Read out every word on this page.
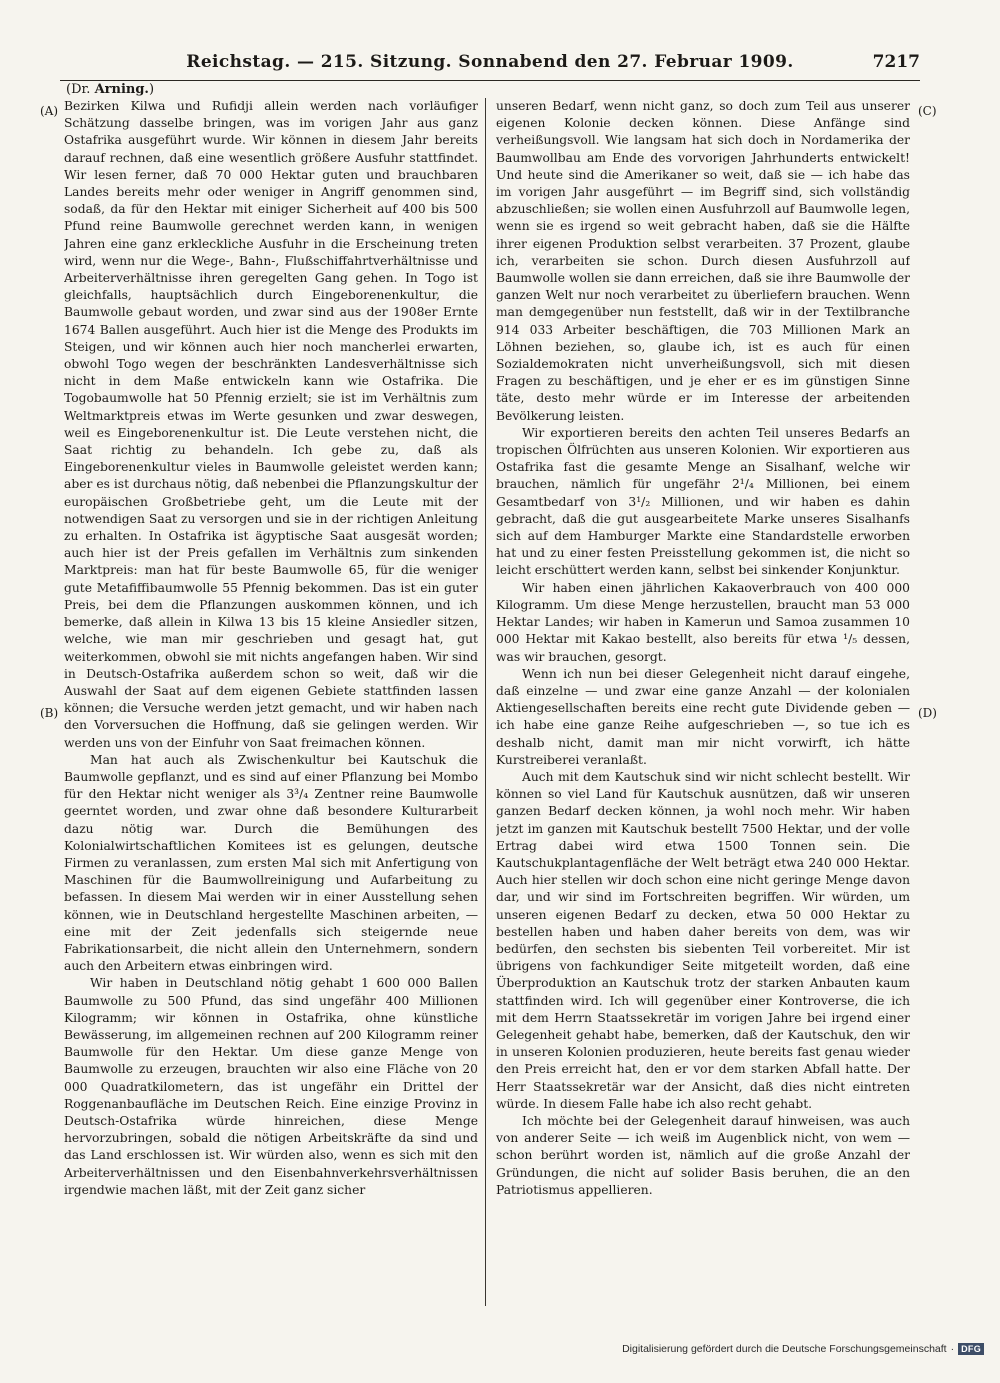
Reichstag. — 215. Sitzung. Sonnabend den 27. Februar 1909.	7217
(Dr. Arning.)
(A)
(B)
(C)
(D)

Bezirken Kilwa und Rufidji allein werden nach vorläufiger Schätzung dasselbe bringen, was im vorigen Jahr aus ganz Ostafrika ausgeführt wurde. Wir können in diesem Jahr bereits darauf rechnen, daß eine wesentlich größere Ausfuhr stattfindet. Wir lesen ferner, daß 70 000 Hektar guten und brauchbaren Landes bereits mehr oder weniger in Angriff genommen sind, sodaß, da für den Hektar mit einiger Sicherheit auf 400 bis 500 Pfund reine Baumwolle gerechnet werden kann, in wenigen Jahren eine ganz erkleckliche Ausfuhr in die Erscheinung treten wird, wenn nur die Wege-, Bahn-, Flußschiffahrtverhältnisse und Arbeiterverhältnisse ihren geregelten Gang gehen. In Togo ist gleichfalls, hauptsächlich durch Eingeborenenkultur, die Baumwolle gebaut worden, und zwar sind aus der 1908er Ernte 1674 Ballen ausgeführt. Auch hier ist die Menge des Produkts im Steigen, und wir können auch hier noch mancherlei erwarten, obwohl Togo wegen der beschränkten Landesverhältnisse sich nicht in dem Maße entwickeln kann wie Ostafrika. Die Togobaumwolle hat 50 Pfennig erzielt; sie ist im Verhältnis zum Weltmarktpreis etwas im Werte gesunken und zwar deswegen, weil es Eingeborenenkultur ist. Die Leute verstehen nicht, die Saat richtig zu behandeln. Ich gebe zu, daß als Eingeborenenkultur vieles in Baumwolle geleistet werden kann; aber es ist durchaus nötig, daß nebenbei die Pflanzungskultur der europäischen Großbetriebe geht, um die Leute mit der notwendigen Saat zu versorgen und sie in der richtigen Anleitung zu erhalten. In Ostafrika ist ägyptische Saat ausgesät worden; auch hier ist der Preis gefallen im Verhältnis zum sinkenden Marktpreis: man hat für beste Baumwolle 65, für die weniger gute Metafiffibaumwolle 55 Pfennig bekommen. Das ist ein guter Preis, bei dem die Pflanzungen auskommen können, und ich bemerke, daß allein in Kilwa 13 bis 15 kleine Ansiedler sitzen, welche, wie man mir geschrieben und gesagt hat, gut weiterkommen, obwohl sie mit nichts angefangen haben. Wir sind in Deutsch-Ostafrika außerdem schon so weit, daß wir die Auswahl der Saat auf dem eigenen Gebiete stattfinden lassen können; die Versuche werden jetzt gemacht, und wir haben nach den Vorversuchen die Hoffnung, daß sie gelingen werden. Wir werden uns von der Einfuhr von Saat freimachen können.

Man hat auch als Zwischenkultur bei Kautschuk die Baumwolle gepflanzt, und es sind auf einer Pflanzung bei Mombo für den Hektar nicht weniger als 3³/₄ Zentner reine Baumwolle geerntet worden, und zwar ohne daß besondere Kulturarbeit dazu nötig war. Durch die Bemühungen des Kolonialwirtschaftlichen Komitees ist es gelungen, deutsche Firmen zu veranlassen, zum ersten Mal sich mit Anfertigung von Maschinen für die Baumwollreinigung und Aufarbeitung zu befassen. In diesem Mai werden wir in einer Ausstellung sehen können, wie in Deutschland hergestellte Maschinen arbeiten, — eine mit der Zeit jedenfalls sich steigernde neue Fabrikationsarbeit, die nicht allein den Unternehmern, sondern auch den Arbeitern etwas einbringen wird.

Wir haben in Deutschland nötig gehabt 1 600 000 Ballen Baumwolle zu 500 Pfund, das sind ungefähr 400 Millionen Kilogramm; wir können in Ostafrika, ohne künstliche Bewässerung, im allgemeinen rechnen auf 200 Kilogramm reiner Baumwolle für den Hektar. Um diese ganze Menge von Baumwolle zu erzeugen, brauchten wir also eine Fläche von 20 000 Quadratkilometern, das ist ungefähr ein Drittel der Roggenanbaufläche im Deutschen Reich. Eine einzige Provinz in Deutsch-Ostafrika würde hinreichen, diese Menge hervorzubringen, sobald die nötigen Arbeitskräfte da sind und das Land erschlossen ist. Wir würden also, wenn es sich mit den Arbeiterverhältnissen und den Eisenbahnverkehrsverhältnissen irgendwie machen läßt, mit der Zeit ganz sicher

unseren Bedarf, wenn nicht ganz, so doch zum Teil aus unserer eigenen Kolonie decken können. Diese Anfänge sind verheißungsvoll. Wie langsam hat sich doch in Nordamerika der Baumwollbau am Ende des vorvorigen Jahrhunderts entwickelt! Und heute sind die Amerikaner so weit, daß sie — ich habe das im vorigen Jahr ausgeführt — im Begriff sind, sich vollständig abzuschließen; sie wollen einen Ausfuhrzoll auf Baumwolle legen, wenn sie es irgend so weit gebracht haben, daß sie die Hälfte ihrer eigenen Produktion selbst verarbeiten. 37 Prozent, glaube ich, verarbeiten sie schon. Durch diesen Ausfuhrzoll auf Baumwolle wollen sie dann erreichen, daß sie ihre Baumwolle der ganzen Welt nur noch verarbeitet zu überliefern brauchen. Wenn man demgegenüber nun feststellt, daß wir in der Textilbranche 914 033 Arbeiter beschäftigen, die 703 Millionen Mark an Löhnen beziehen, so, glaube ich, ist es auch für einen Sozialdemokraten nicht unverheißungsvoll, sich mit diesen Fragen zu beschäftigen, und je eher er es im günstigen Sinne täte, desto mehr würde er im Interesse der arbeitenden Bevölkerung leisten.

Wir exportieren bereits den achten Teil unseres Bedarfs an tropischen Ölfrüchten aus unseren Kolonien. Wir exportieren aus Ostafrika fast die gesamte Menge an Sisalhanf, welche wir brauchen, nämlich für ungefähr 2¹/₄ Millionen, bei einem Gesamtbedarf von 3¹/₂ Millionen, und wir haben es dahin gebracht, daß die gut ausgearbeitete Marke unseres Sisalhanfs sich auf dem Hamburger Markte eine Standardstelle erworben hat und zu einer festen Preisstellung gekommen ist, die nicht so leicht erschüttert werden kann, selbst bei sinkender Konjunktur.

Wir haben einen jährlichen Kakaoverbrauch von 400 000 Kilogramm. Um diese Menge herzustellen, braucht man 53 000 Hektar Landes; wir haben in Kamerun und Samoa zusammen 10 000 Hektar mit Kakao bestellt, also bereits für etwa ¹/₅ dessen, was wir brauchen, gesorgt.

Wenn ich nun bei dieser Gelegenheit nicht darauf eingehe, daß einzelne — und zwar eine ganze Anzahl — der kolonialen Aktiengesellschaften bereits eine recht gute Dividende geben — ich habe eine ganze Reihe aufgeschrieben —, so tue ich es deshalb nicht, damit man mir nicht vorwirft, ich hätte Kurstreiberei veranlaßt.

Auch mit dem Kautschuk sind wir nicht schlecht bestellt. Wir können so viel Land für Kautschuk ausnützen, daß wir unseren ganzen Bedarf decken können, ja wohl noch mehr. Wir haben jetzt im ganzen mit Kautschuk bestellt 7500 Hektar, und der volle Ertrag dabei wird etwa 1500 Tonnen sein. Die Kautschukplantagenfläche der Welt beträgt etwa 240 000 Hektar. Auch hier stellen wir doch schon eine nicht geringe Menge davon dar, und wir sind im Fortschreiten begriffen. Wir würden, um unseren eigenen Bedarf zu decken, etwa 50 000 Hektar zu bestellen haben und haben daher bereits von dem, was wir bedürfen, den sechsten bis siebenten Teil vorbereitet. Mir ist übrigens von fachkundiger Seite mitgeteilt worden, daß eine Überproduktion an Kautschuk trotz der starken Anbauten kaum stattfinden wird. Ich will gegenüber einer Kontroverse, die ich mit dem Herrn Staatssekretär im vorigen Jahre bei irgend einer Gelegenheit gehabt habe, bemerken, daß der Kautschuk, den wir in unseren Kolonien produzieren, heute bereits fast genau wieder den Preis erreicht hat, den er vor dem starken Abfall hatte. Der Herr Staatssekretär war der Ansicht, daß dies nicht eintreten würde. In diesem Falle habe ich also recht gehabt.

Ich möchte bei der Gelegenheit darauf hinweisen, was auch von anderer Seite — ich weiß im Augenblick nicht, von wem — schon berührt worden ist, nämlich auf die große Anzahl der Gründungen, die nicht auf solider Basis beruhen, die an den Patriotismus appellieren.

Digitalisierung gefördert durch die Deutsche Forschungsgemeinschaft · DFG
